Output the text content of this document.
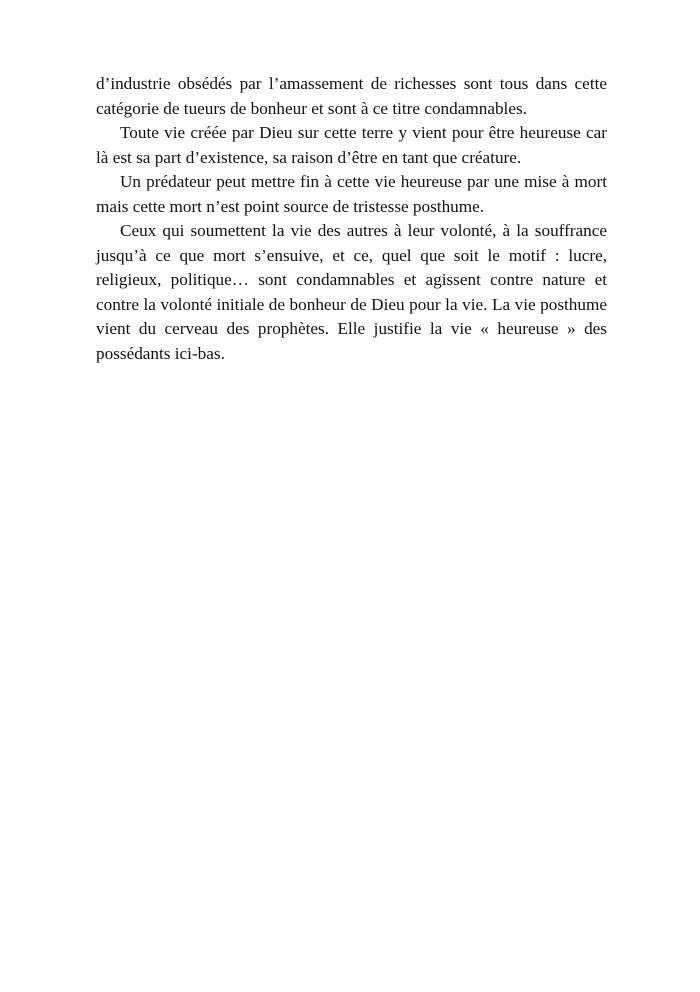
d’industrie obsédés par l’amassement de richesses sont tous dans cette catégorie de tueurs de bonheur et sont à ce titre condamnables.

Toute vie créée par Dieu sur cette terre y vient pour être heureuse car là est sa part d’existence, sa raison d’être en tant que créature.

Un prédateur peut mettre fin à cette vie heureuse par une mise à mort mais cette mort n’est point source de tristesse posthume.

Ceux qui soumettent la vie des autres à leur volonté, à la souffrance jusqu’à ce que mort s’ensuive, et ce, quel que soit le motif : lucre, religieux, politique… sont condamnables et agissent contre nature et contre la volonté initiale de bonheur de Dieu pour la vie. La vie posthume vient du cerveau des prophètes. Elle justifie la vie « heureuse » des possédants ici-bas.
